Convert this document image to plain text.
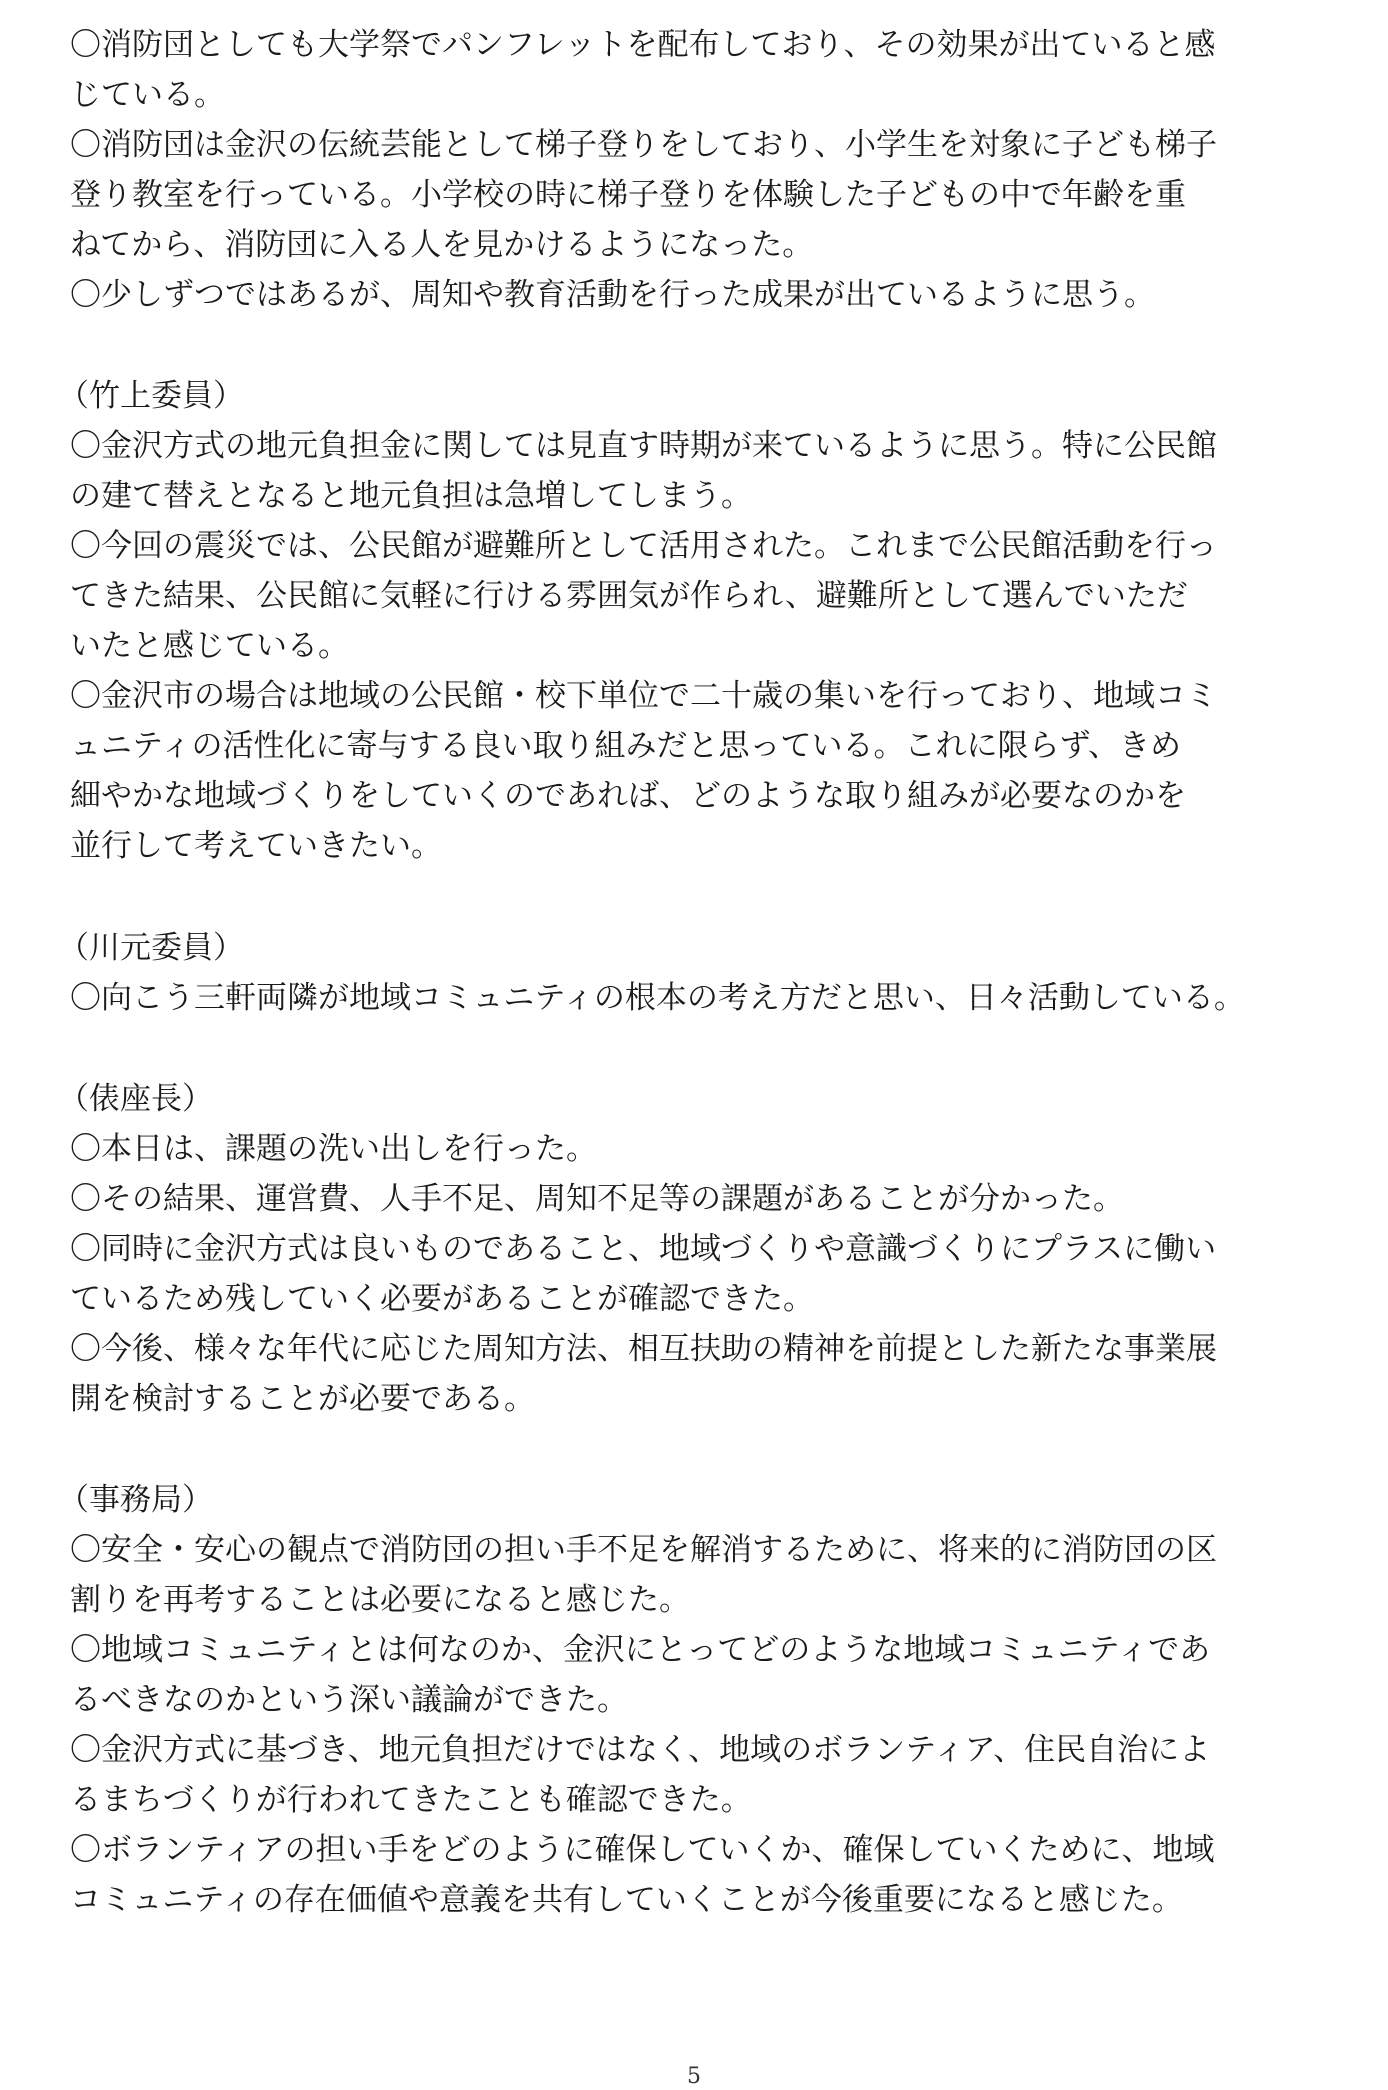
〇消防団としても大学祭でパンフレットを配布しており、その効果が出ていると感
じている。
〇消防団は金沢の伝統芸能として梯子登りをしており、小学生を対象に子ども梯子
登り教室を行っている。小学校の時に梯子登りを体験した子どもの中で年齢を重
ねてから、消防団に入る人を見かけるようになった。
〇少しずつではあるが、周知や教育活動を行った成果が出ているように思う。
（竹上委員）
〇金沢方式の地元負担金に関しては見直す時期が来ているように思う。特に公民館
の建て替えとなると地元負担は急増してしまう。
〇今回の震災では、公民館が避難所として活用された。これまで公民館活動を行っ
てきた結果、公民館に気軽に行ける雰囲気が作られ、避難所として選んでいただ
いたと感じている。
〇金沢市の場合は地域の公民館・校下単位で二十歳の集いを行っており、地域コミ
ュニティの活性化に寄与する良い取り組みだと思っている。これに限らず、きめ
細やかな地域づくりをしていくのであれば、どのような取り組みが必要なのかを
並行して考えていきたい。
（川元委員）
〇向こう三軒両隣が地域コミュニティの根本の考え方だと思い、日々活動している。
（俵座長）
〇本日は、課題の洗い出しを行った。
〇その結果、運営費、人手不足、周知不足等の課題があることが分かった。
〇同時に金沢方式は良いものであること、地域づくりや意識づくりにプラスに働い
ているため残していく必要があることが確認できた。
〇今後、様々な年代に応じた周知方法、相互扶助の精神を前提とした新たな事業展
開を検討することが必要である。
（事務局）
〇安全・安心の観点で消防団の担い手不足を解消するために、将来的に消防団の区
割りを再考することは必要になると感じた。
〇地域コミュニティとは何なのか、金沢にとってどのような地域コミュニティであ
るべきなのかという深い議論ができた。
〇金沢方式に基づき、地元負担だけではなく、地域のボランティア、住民自治によ
るまちづくりが行われてきたことも確認できた。
〇ボランティアの担い手をどのように確保していくか、確保していくために、地域
コミュニティの存在価値や意義を共有していくことが今後重要になると感じた。
5
